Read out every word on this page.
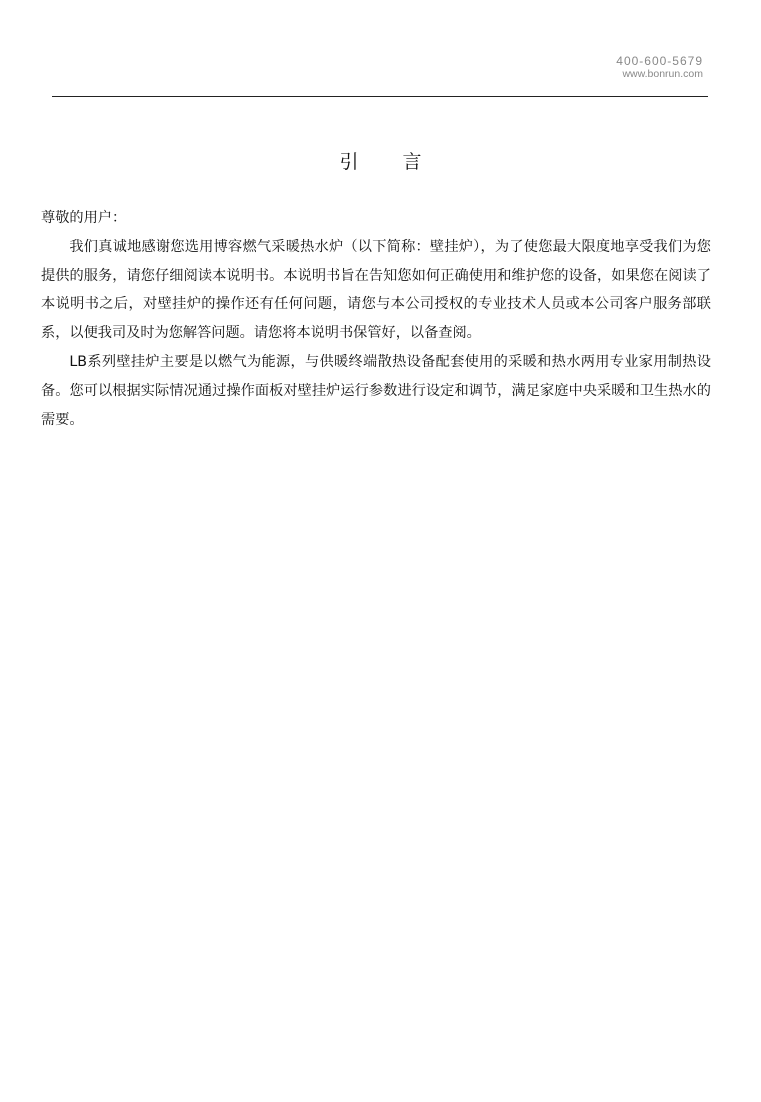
400-600-5679
www.bonrun.com
引 言

尊敬的用户：

我们真诚地感谢您选用博容燃气采暖热水炉（以下简称：壁挂炉），为了使您最大限度地享受我们为您提供的服务，请您仔细阅读本说明书。本说明书旨在告知您如何正确使用和维护您的设备，如果您在阅读了本说明书之后，对壁挂炉的操作还有任何问题，请您与本公司授权的专业技术人员或本公司客户服务部联系，以便我司及时为您解答问题。请您将本说明书保管好，以备查阅。

LB系列壁挂炉主要是以燃气为能源，与供暖终端散热设备配套使用的采暖和热水两用专业家用制热设备。您可以根据实际情况通过操作面板对壁挂炉运行参数进行设定和调节，满足家庭中央采暖和卫生热水的需要。
